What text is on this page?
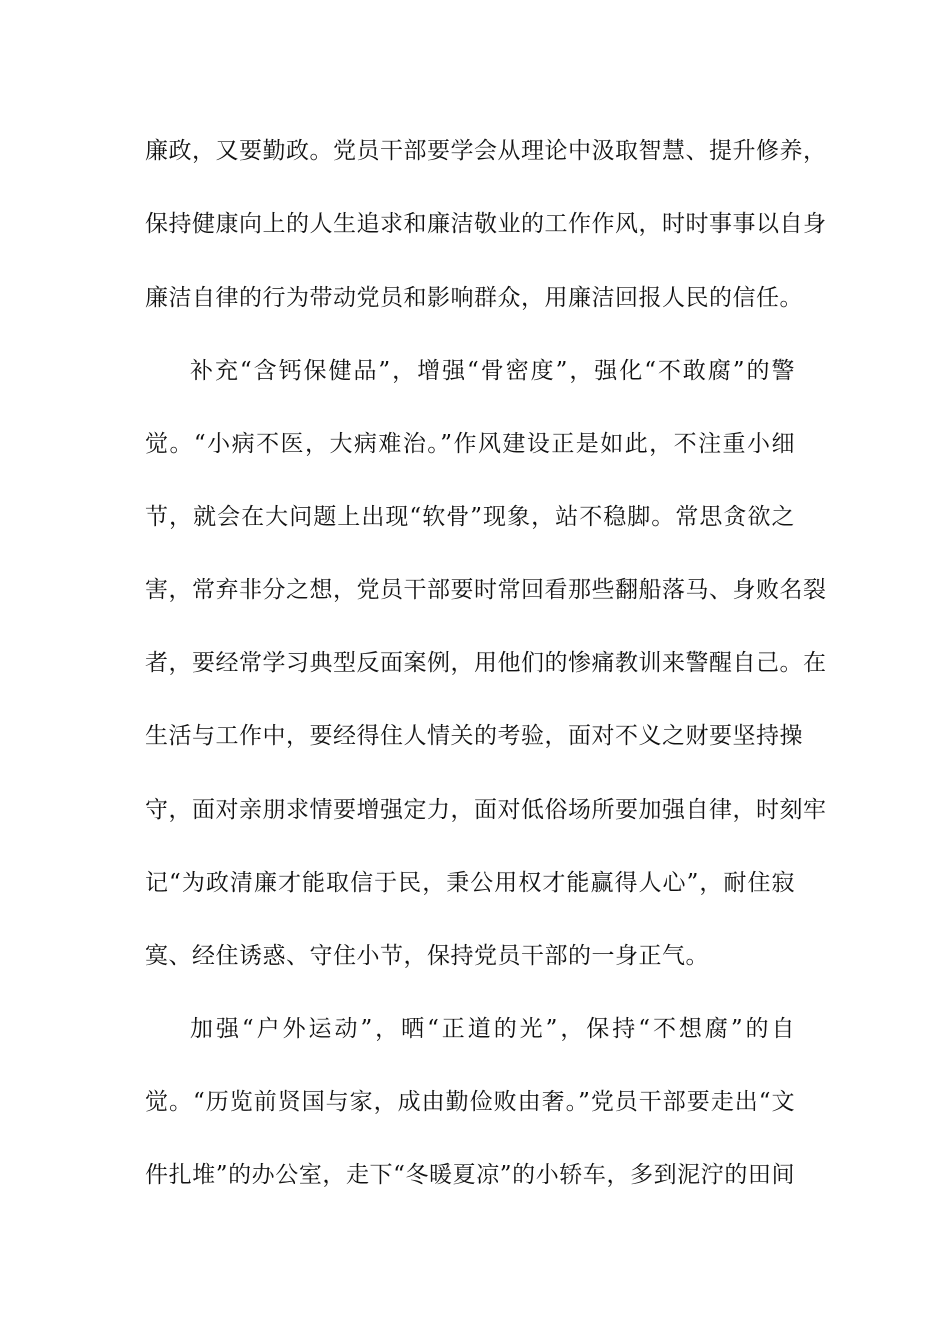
廉政，又要勤政。党员干部要学会从理论中汲取智慧、提升修养，
保持健康向上的人生追求和廉洁敬业的工作作风，时时事事以自身
廉洁自律的行为带动党员和影响群众，用廉洁回报人民的信任。
补充“含钙保健品”，增强“骨密度”，强化“不敢腐”的警
觉。“小病不医，大病难治。”作风建设正是如此，不注重小细
节，就会在大问题上出现“软骨”现象，站不稳脚。常思贪欲之
害，常弃非分之想，党员干部要时常回看那些翻船落马、身败名裂
者，要经常学习典型反面案例，用他们的惨痛教训来警醒自己。在
生活与工作中，要经得住人情关的考验，面对不义之财要坚持操
守，面对亲朋求情要增强定力，面对低俗场所要加强自律，时刻牢
记“为政清廉才能取信于民，秉公用权才能赢得人心”，耐住寂
寞、经住诱惑、守住小节，保持党员干部的一身正气。
加强“户外运动”，晒“正道的光”，保持“不想腐”的自
觉。“历览前贤国与家，成由勤俭败由奢。”党员干部要走出“文
件扎堆”的办公室，走下“冬暖夏凉”的小轿车，多到泥泞的田间
